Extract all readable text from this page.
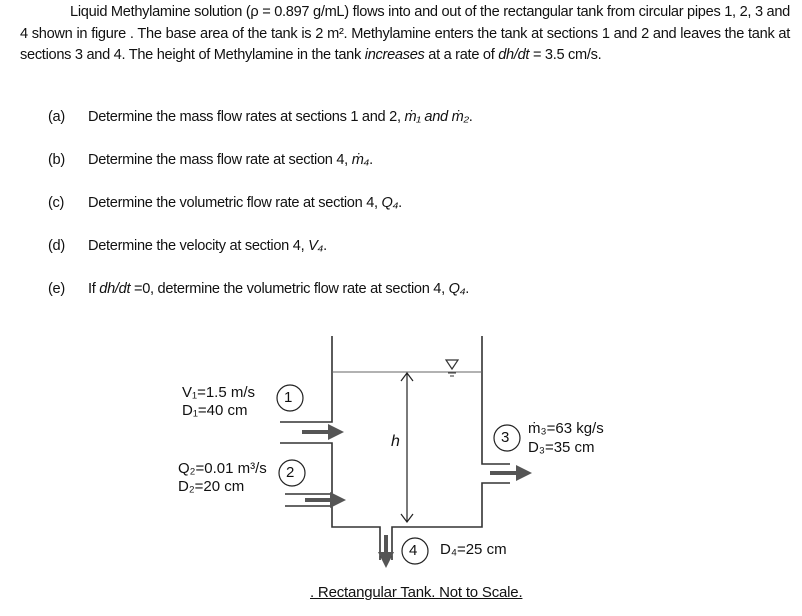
Liquid Methylamine solution (ρ = 0.897 g/mL) flows into and out of the rectangular tank from circular pipes 1, 2, 3 and 4 shown in figure . The base area of the tank is 2 m². Methylamine enters the tank at sections 1 and 2 and leaves the tank at sections 3 and 4. The height of Methylamine in the tank increases at a rate of dh/dt = 3.5 cm/s.
(a) Determine the mass flow rates at sections 1 and 2, ṁ₁ and ṁ₂.
(b) Determine the mass flow rate at section 4, ṁ₄.
(c) Determine the volumetric flow rate at section 4, Q₄.
(d) Determine the velocity at section 4, V₄.
(e) If dh/dt =0, determine the volumetric flow rate at section 4, Q₄.
1
2
3
4
V₁=1.5 m/s
D₁=40 cm
Q₂=0.01 m³/s
D₂=20 cm
ṁ₃=63 kg/s
D₃=35 cm
D₄=25 cm
h
. Rectangular Tank. Not to Scale.
